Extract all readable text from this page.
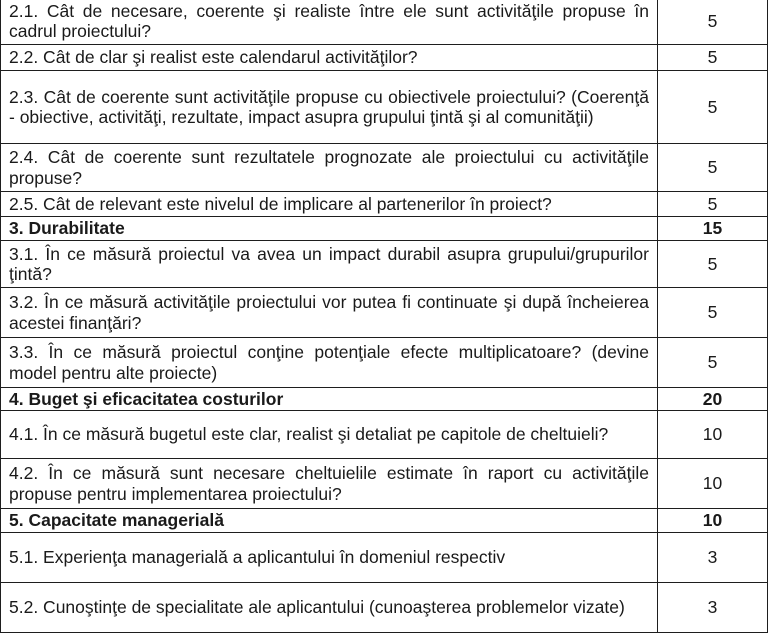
2.1. Cât de necesare, coerente şi realiste între ele sunt activităţile propuse în cadrul proiectului?	5
2.2. Cât de clar şi realist este calendarul activităţilor?	5
2.3. Cât de coerente sunt activităţile propuse cu obiectivele proiectului? (Coerenţă - obiective, activităţi, rezultate, impact asupra grupului ţintă şi al comunităţii)	5
2.4. Cât de coerente sunt rezultatele prognozate ale proiectului cu activităţile propuse?	5
2.5. Cât de relevant este nivelul de implicare al partenerilor în proiect?	5
3. Durabilitate	15
3.1. În ce măsură proiectul va avea un impact durabil asupra grupului/grupurilor ţintă?	5
3.2. În ce măsură activităţile proiectului vor putea fi continuate şi după încheierea acestei finanţări?	5
3.3. În ce măsură proiectul conţine potenţiale efecte multiplicatoare? (devine model pentru alte proiecte)	5
4. Buget şi eficacitatea costurilor	20
4.1. În ce măsură bugetul este clar, realist şi detaliat pe capitole de cheltuieli?	10
4.2. În ce măsură sunt necesare cheltuielile estimate în raport cu activităţile propuse pentru implementarea proiectului?	10
5. Capacitate managerială	10
5.1. Experienţa managerială a aplicantului în domeniul respectiv	3
5.2. Cunoştinţe de specialitate ale aplicantului (cunoaşterea problemelor vizate)	3
